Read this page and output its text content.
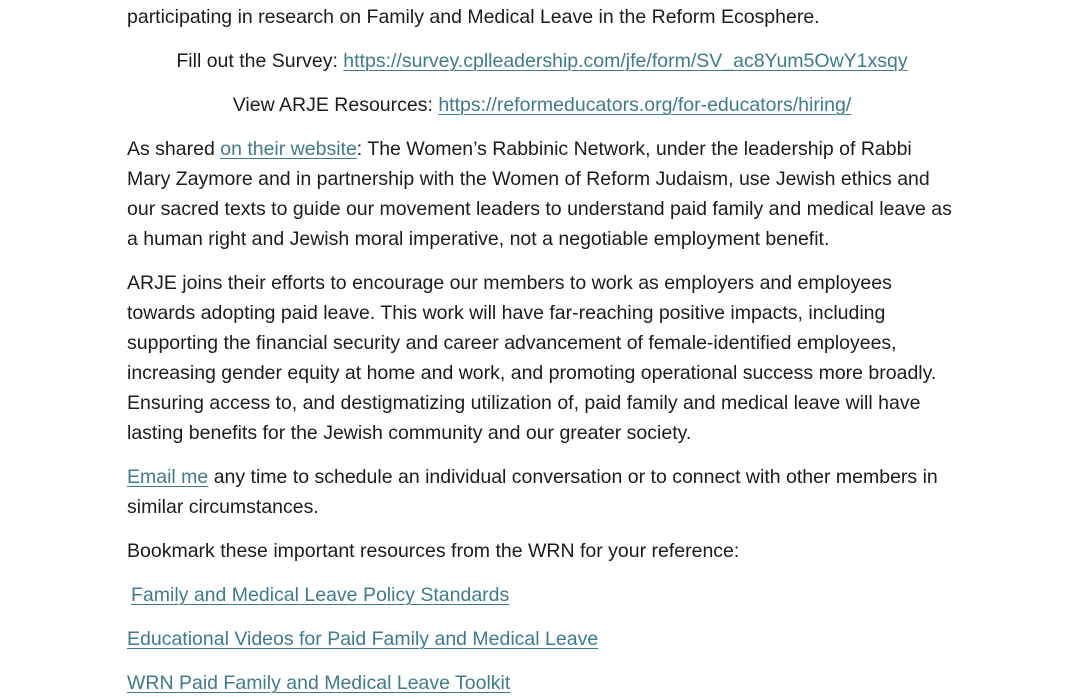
participating in research on Family and Medical Leave in the Reform Ecosphere.

Fill out the Survey: https://survey.cplleadership.com/jfe/form/SV_ac8Yum5OwY1xsqy

View ARJE Resources: https://reformeducators.org/for-educators/hiring/

As shared on their website: The Women’s Rabbinic Network, under the leadership of Rabbi Mary Zaymore and in partnership with the Women of Reform Judaism, use Jewish ethics and our sacred texts to guide our movement leaders to understand paid family and medical leave as a human right and Jewish moral imperative, not a negotiable employment benefit.

ARJE joins their efforts to encourage our members to work as employers and employees towards adopting paid leave. This work will have far-reaching positive impacts, including supporting the financial security and career advancement of female-identified employees, increasing gender equity at home and work, and promoting operational success more broadly. Ensuring access to, and destigmatizing utilization of, paid family and medical leave will have lasting benefits for the Jewish community and our greater society.

Email me any time to schedule an individual conversation or to connect with other members in similar circumstances.

Bookmark these important resources from the WRN for your reference:

Family and Medical Leave Policy Standards

Educational Videos for Paid Family and Medical Leave

WRN Paid Family and Medical Leave Toolkit
